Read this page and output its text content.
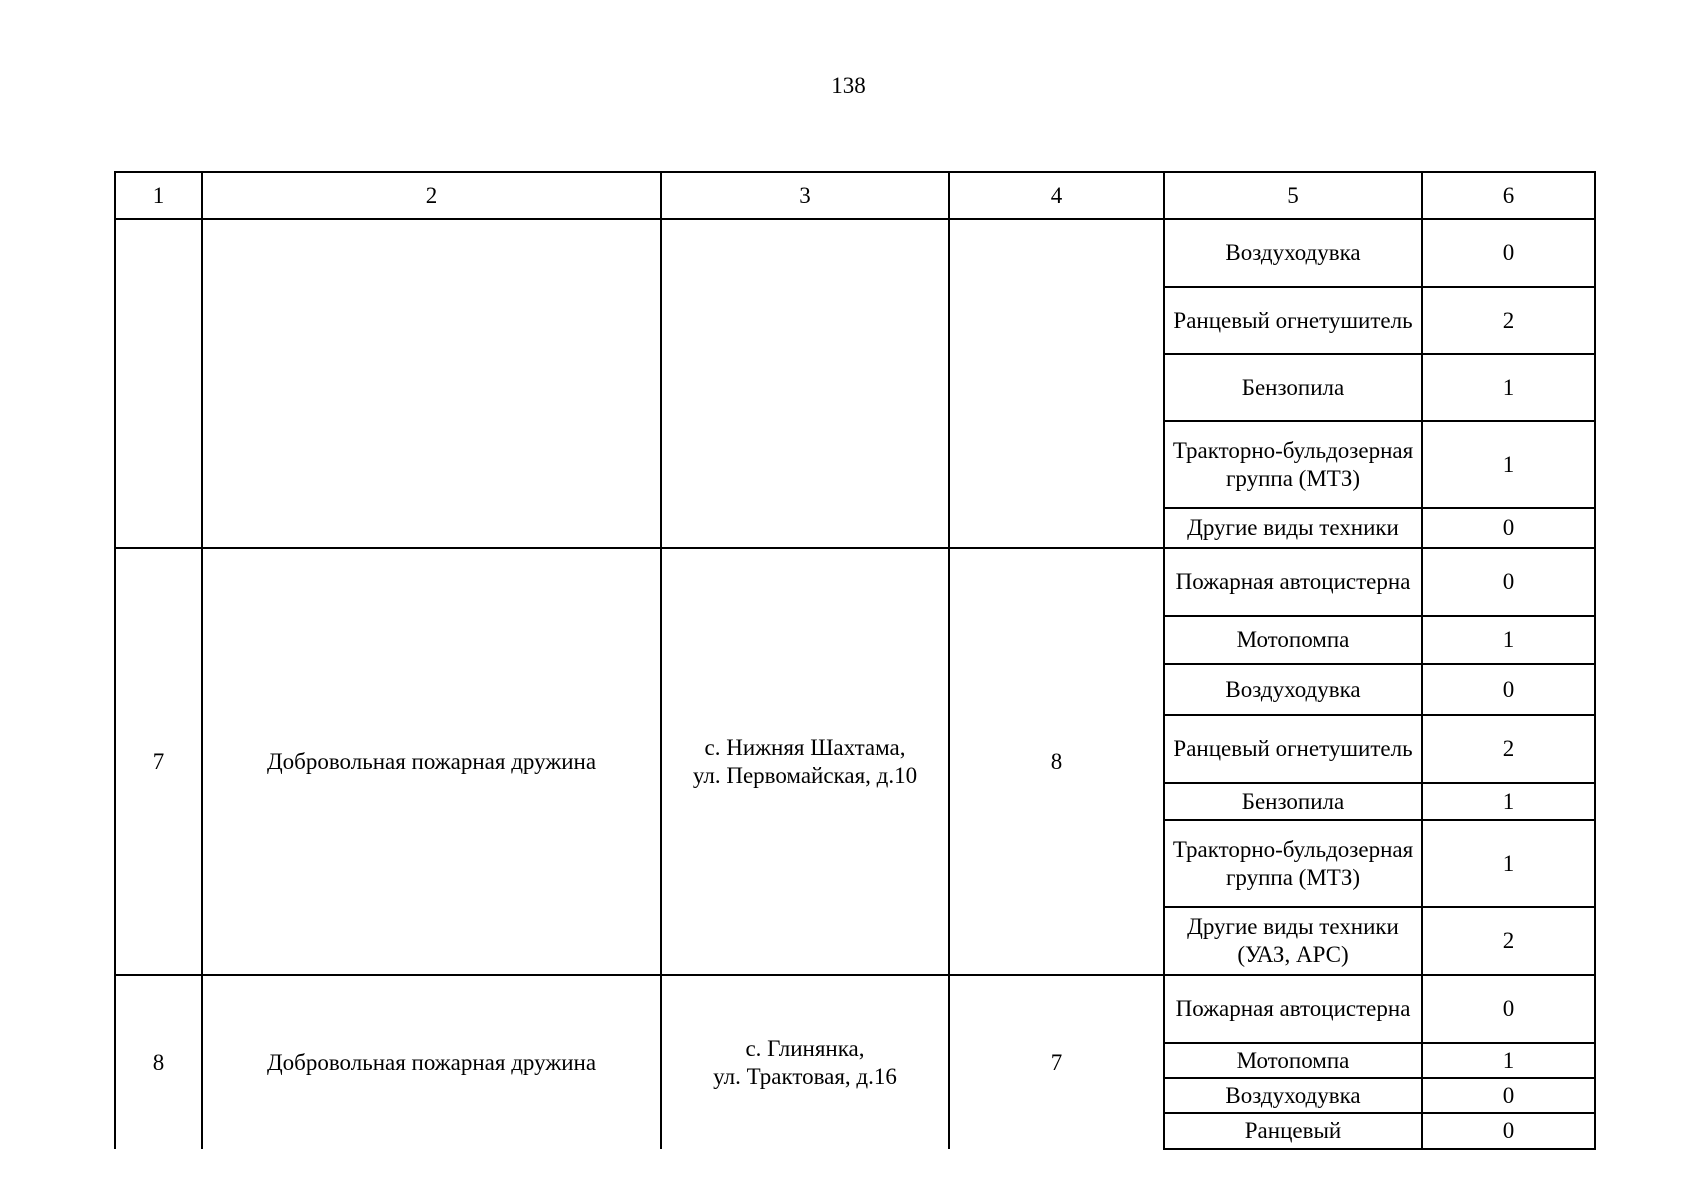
138
1	2	3	4	5	6
				Воздуходувка	0
				Ранцевый огнетушитель	2
				Бензопила	1
				Тракторно-бульдозерная группа (МТЗ)	1
				Другие виды техники	0
7	Добровольная пожарная дружина	с. Нижняя Шахтама,
ул. Первомайская, д.10	8	Пожарная автоцистерна	0
				Мотопомпа	1
				Воздуходувка	0
				Ранцевый огнетушитель	2
				Бензопила	1
				Тракторно-бульдозерная группа (МТЗ)	1
				Другие виды техники (УАЗ, АРС)	2
8	Добровольная пожарная дружина	с. Глинянка,
ул. Трактовая, д.16	7	Пожарная автоцистерна	0
				Мотопомпа	1
				Воздуходувка	0
				Ранцевый	0
